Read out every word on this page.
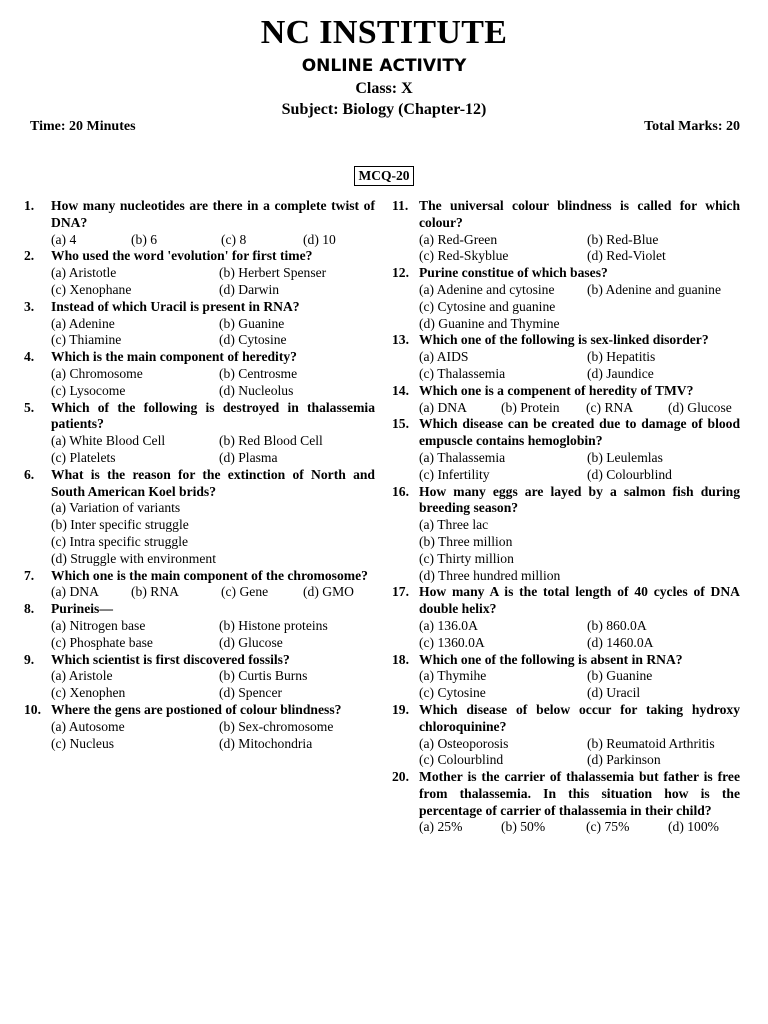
NC INSTITUTE
ONLINE ACTIVITY
Class: X
Subject: Biology (Chapter-12)
Time: 20 Minutes	Total Marks: 20
MCQ-20
1.	How many nucleotides are there in a complete twist of DNA?
(a) 4	(b) 6	(c) 8	(d) 10
2.	Who used the word 'evolution' for first time?
(a) Aristotle	(b) Herbert Spenser
(c) Xenophane	(d) Darwin
3.	Instead of which Uracil is present in RNA?
(a) Adenine	(b) Guanine
(c) Thiamine	(d) Cytosine
4.	Which is the main component of heredity?
(a) Chromosome	(b) Centrosme
(c) Lysocome	(d) Nucleolus
5.	Which of the following is destroyed in thalassemia patients?
(a) White Blood Cell	(b) Red Blood Cell
(c) Platelets	(d) Plasma
6.	What is the reason for the extinction of North and South American Koel brids?
(a) Variation of variants
(b) Inter specific struggle
(c) Intra specific struggle
(d) Struggle with environment
7.	Which one is the main component of the chromosome?
(a) DNA	(b) RNA	(c) Gene	(d) GMO
8.	Purineis—
(a) Nitrogen base	(b) Histone proteins
(c) Phosphate base	(d) Glucose
9.	Which scientist is first discovered fossils?
(a) Aristole	(b) Curtis Burns
(c) Xenophen	(d) Spencer
10. Where the gens are postioned of colour blindness?
(a) Autosome	(b) Sex-chromosome
(c) Nucleus	(d) Mitochondria
11. The universal colour blindness is called for which colour?
(a) Red-Green	(b) Red-Blue
(c) Red-Skyblue	(d) Red-Violet
12. Purine constitue of which bases?
(a) Adenine and cytosine	(b) Adenine and guanine
(c) Cytosine and guanine
(d) Guanine and Thymine
13. Which one of the following is sex-linked disorder?
(a) AIDS	(b) Hepatitis
(c) Thalassemia	(d) Jaundice
14. Which one is a compenent of heredity of TMV?
(a) DNA	(b) Protein	(c) RNA	(d) Glucose
15. Which disease can be created due to damage of blood empuscle contains hemoglobin?
(a) Thalassemia	(b) Leulemlas
(c) Infertility	(d) Colourblind
16. How many eggs are layed by a salmon fish during breeding season?
(a) Three lac
(b) Three million
(c) Thirty million
(d) Three hundred million
17. How many A is the total length of 40 cycles of DNA double helix?
(a) 136.0A	(b) 860.0A
(c) 1360.0A	(d) 1460.0A
18. Which one of the following is absent in RNA?
(a) Thymihe	(b) Guanine
(c) Cytosine	(d) Uracil
19. Which disease of below occur for taking hydroxy chloroquinine?
(a) Osteoporosis	(b) Reumatoid Arthritis
(c) Colourblind	(d) Parkinson
20. Mother is the carrier of thalassemia but father is free from thalassemia. In this situation how is the percentage of carrier of thalassemia in their child?
(a) 25%	(b) 50%	(c) 75%	(d) 100%
